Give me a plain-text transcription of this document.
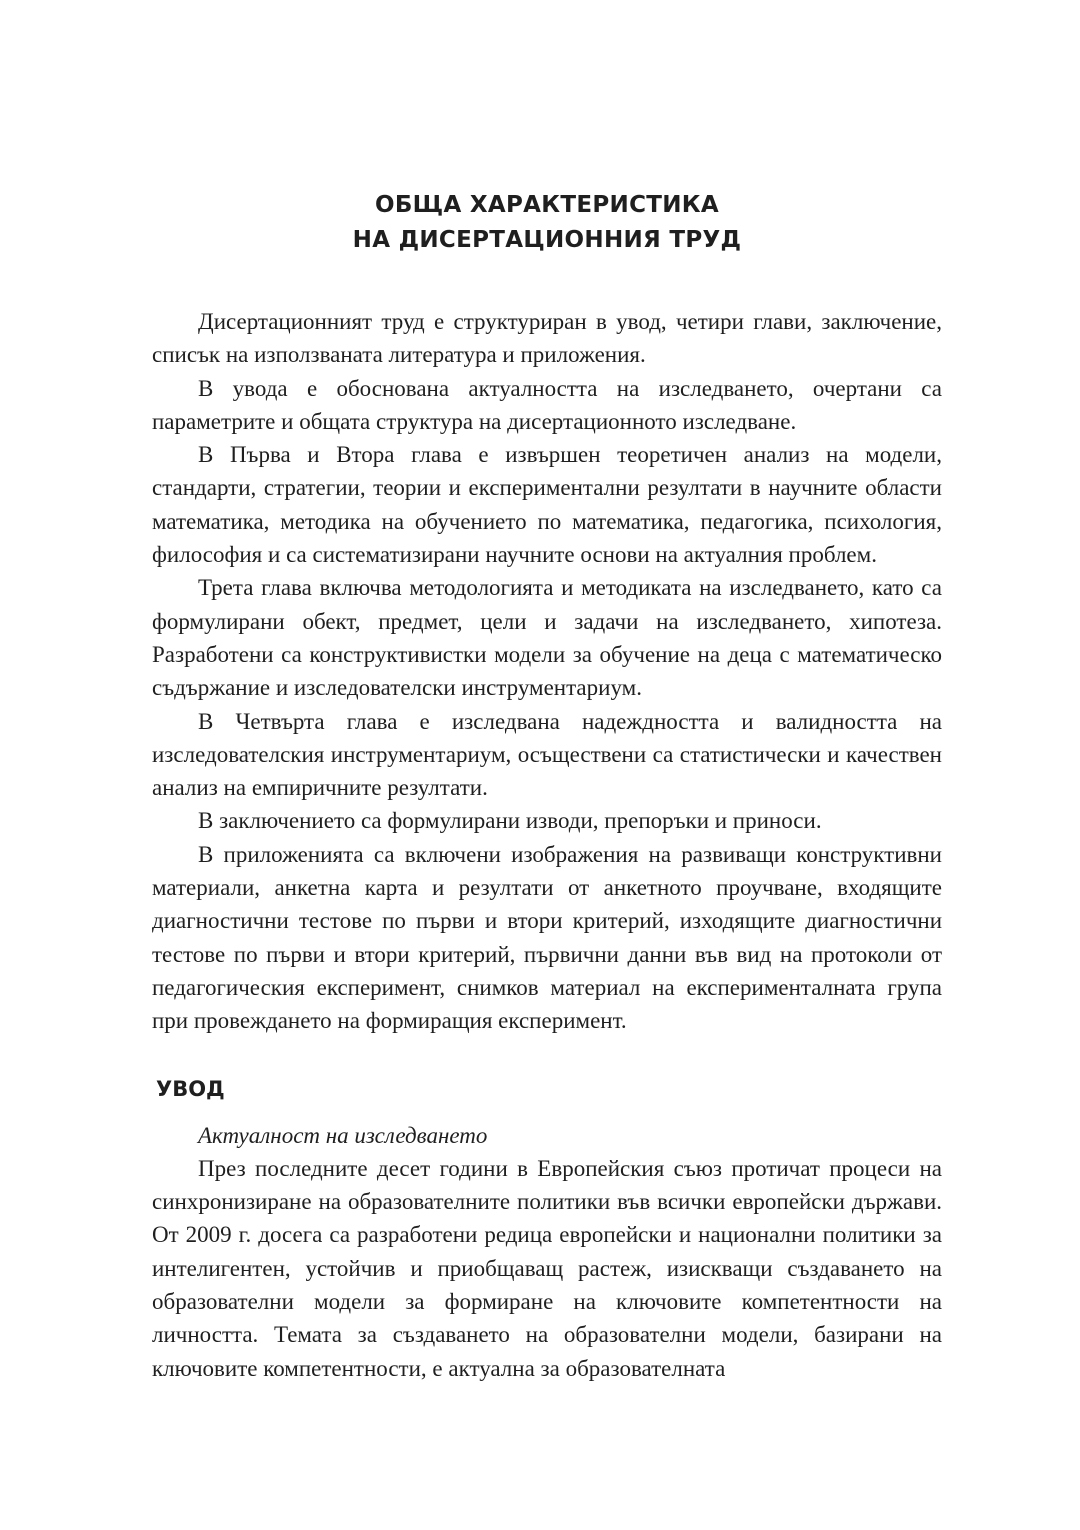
ОБЩА ХАРАКТЕРИСТИКА
НА ДИСЕРТАЦИОННИЯ ТРУД

Дисертационният труд е структуриран в увод, четири глави, заключение, списък на използваната литература и приложения.

В увода е обоснована актуалността на изследването, очертани са параметрите и общата структура на дисертационното изследване.

В Първа и Втора глава е извършен теоретичен анализ на модели, стандарти, стратегии, теории и експериментални резултати в научните области математика, методика на обучението по математика, педагогика, психология, философия и са систематизирани научните основи на актуалния проблем.

Трета глава включва методологията и методиката на изследването, като са формулирани обект, предмет, цели и задачи на изследването, хипотеза. Разработени са конструктивистки модели за обучение на деца с математическо съдържание и изследователски инструментариум.

В Четвърта глава е изследвана надеждността и валидността на изследователския инструментариум, осъществени са статистически и качествен анализ на емпиричните резултати.

В заключението са формулирани изводи, препоръки и приноси.

В приложенията са включени изображения на развиващи конструктивни материали, анкетна карта и резултати от анкетното проучване, входящите диагностични тестове по първи и втори критерий, изходящите диагностични тестове по първи и втори критерий, първични данни във вид на протоколи от педагогическия експеримент, снимков материал на експерименталната група при провеждането на формиращия експеримент.

УВОД

Актуалност на изследването

През последните десет години в Европейския съюз протичат процеси на синхронизиране на образователните политики във всички европейски държави. От 2009 г. досега са разработени редица европейски и национални политики за интелигентен, устойчив и приобщаващ растеж, изискващи създаването на образователни модели за формиране на ключовите компетентности на личността. Темата за създаването на образователни модели, базирани на ключовите компетентности, е актуална за образователната
